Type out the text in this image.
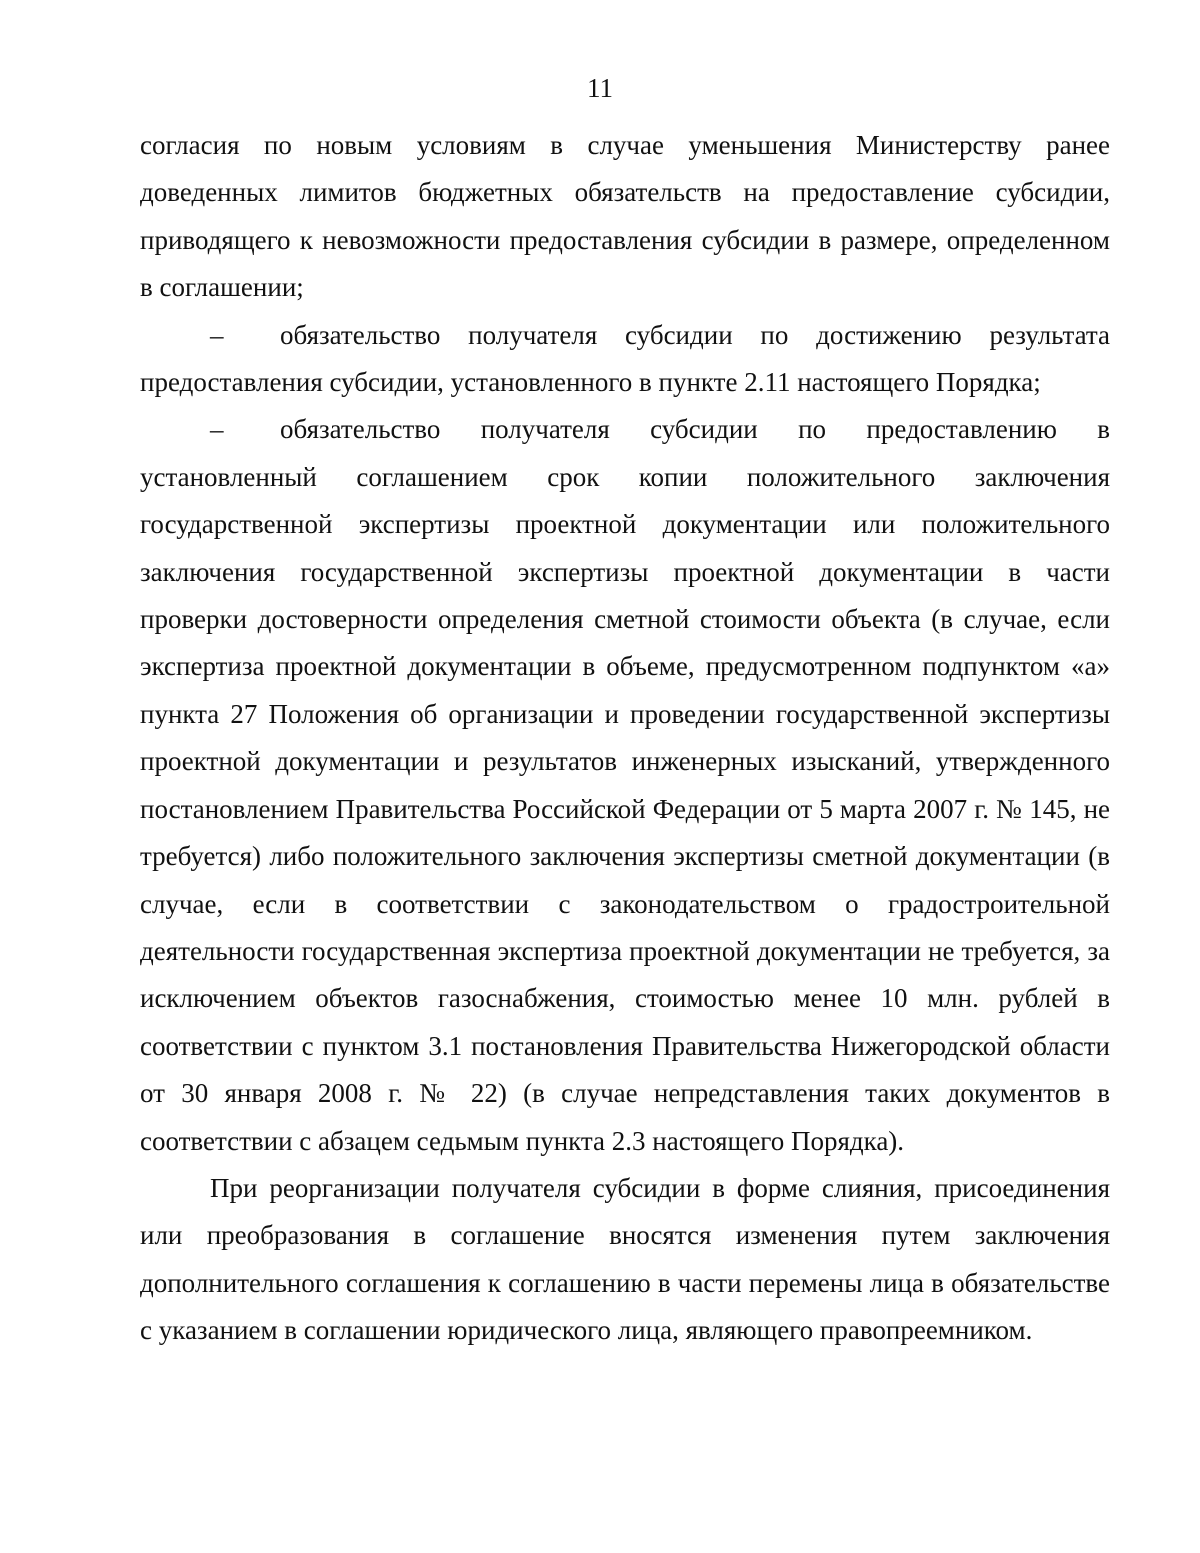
11

согласия по новым условиям в случае уменьшения Министерству ранее доведенных лимитов бюджетных обязательств на предоставление субсидии, приводящего к невозможности предоставления субсидии в размере, определенном в соглашении;

– обязательство получателя субсидии по достижению результата предоставления субсидии, установленного в пункте 2.11 настоящего Порядка;

– обязательство получателя субсидии по предоставлению в установленный соглашением срок копии положительного заключения государственной экспертизы проектной документации или положительного заключения государственной экспертизы проектной документации в части проверки достоверности определения сметной стоимости объекта (в случае, если экспертиза проектной документации в объеме, предусмотренном подпунктом «а» пункта 27 Положения об организации и проведении государственной экспертизы проектной документации и результатов инженерных изысканий, утвержденного постановлением Правительства Российской Федерации от 5 марта 2007 г. № 145, не требуется) либо положительного заключения экспертизы сметной документации (в случае, если в соответствии с законодательством о градостроительной деятельности государственная экспертиза проектной документации не требуется, за исключением объектов газоснабжения, стоимостью менее 10 млн. рублей в соответствии с пунктом 3.1 постановления Правительства Нижегородской области от 30 января 2008 г. № 22) (в случае непредставления таких документов в соответствии с абзацем седьмым пункта 2.3 настоящего Порядка).

При реорганизации получателя субсидии в форме слияния, присоединения или преобразования в соглашение вносятся изменения путем заключения дополнительного соглашения к соглашению в части перемены лица в обязательстве с указанием в соглашении юридического лица, являющего правопреемником.
